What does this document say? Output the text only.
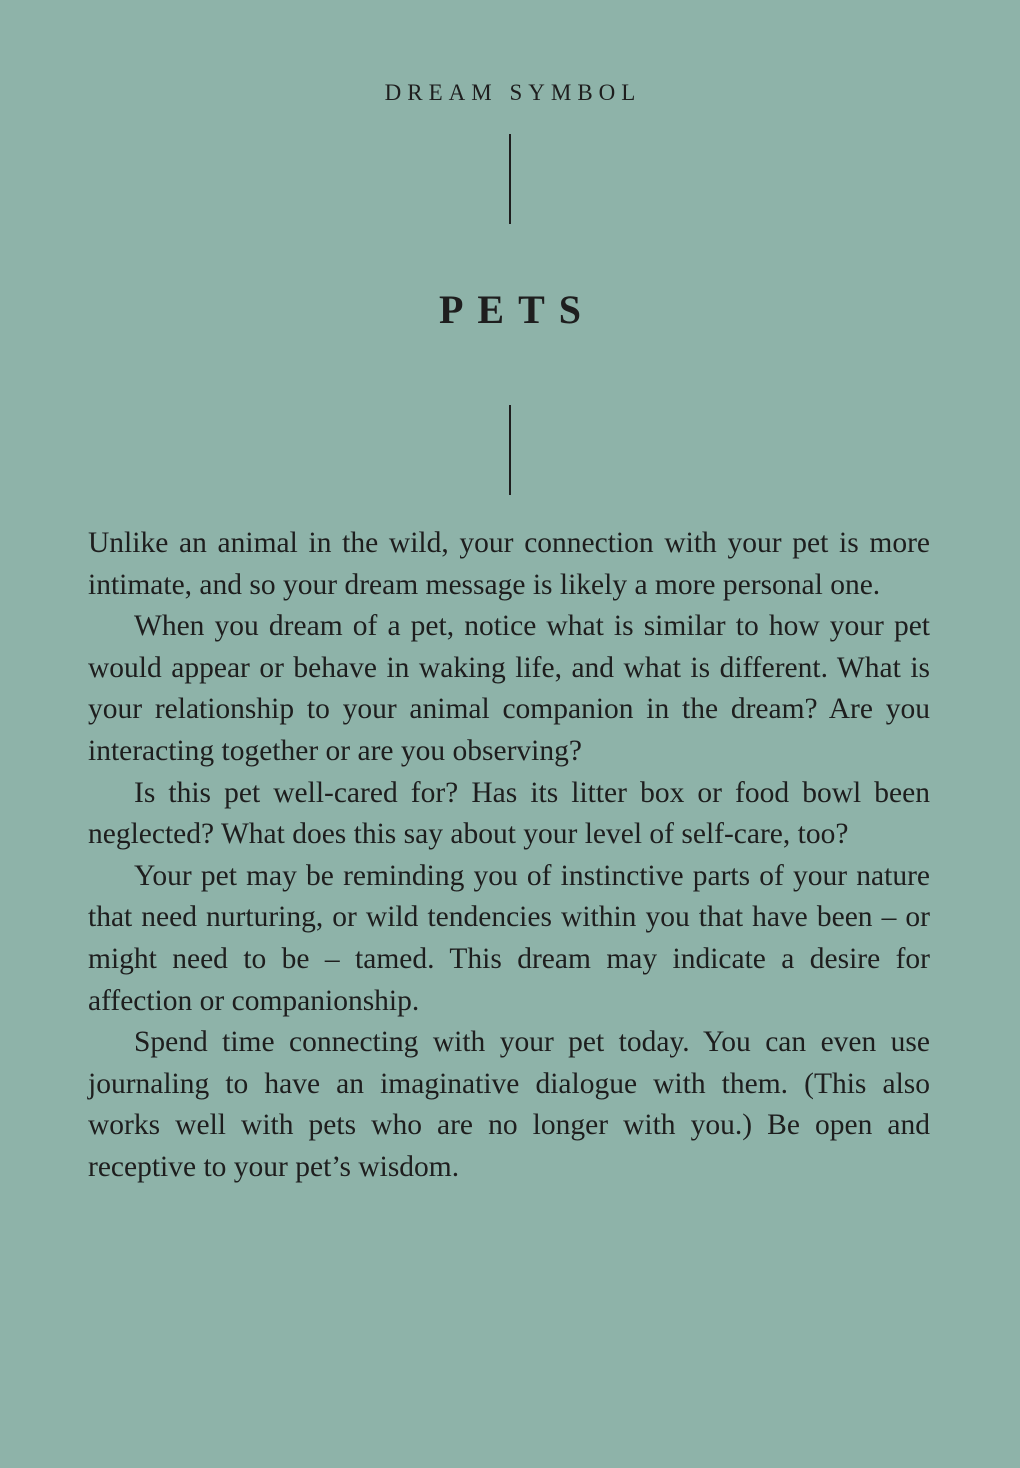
DREAM SYMBOL
PETS

Unlike an animal in the wild, your connection with your pet is more intimate, and so your dream message is likely a more personal one.

When you dream of a pet, notice what is similar to how your pet would appear or behave in waking life, and what is different. What is your relationship to your animal companion in the dream? Are you interacting together or are you observing?

Is this pet well-cared for? Has its litter box or food bowl been neglected? What does this say about your level of self-care, too?

Your pet may be reminding you of instinctive parts of your nature that need nurturing, or wild tendencies within you that have been – or might need to be – tamed. This dream may indicate a desire for affection or companionship.

Spend time connecting with your pet today. You can even use journaling to have an imaginative dialogue with them. (This also works well with pets who are no longer with you.) Be open and receptive to your pet’s wisdom.
